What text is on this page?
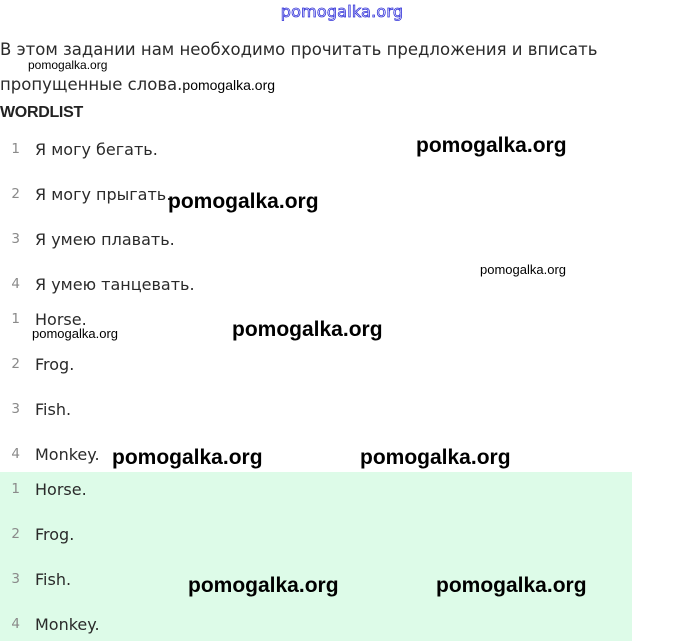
pomogalka.org
В этом задании нам необходимо прочитать предложения и вписать пропущенные слова.pomogalka.org
WORDLIST
1 Я могу бегать.
2 Я могу прыгать.
3 Я умею плавать.
4 Я умею танцевать.
1 Horse.
2 Frog.
3 Fish.
4 Monkey.
1 Horse.
2 Frog.
3 Fish.
4 Monkey.
pomogalka.org
pomogalka.org
pomogalka.org
pomogalka.org
pomogalka.org
pomogalka.org
pomogalka.org	pomogalka.org
pomogalka.org	pomogalka.org
